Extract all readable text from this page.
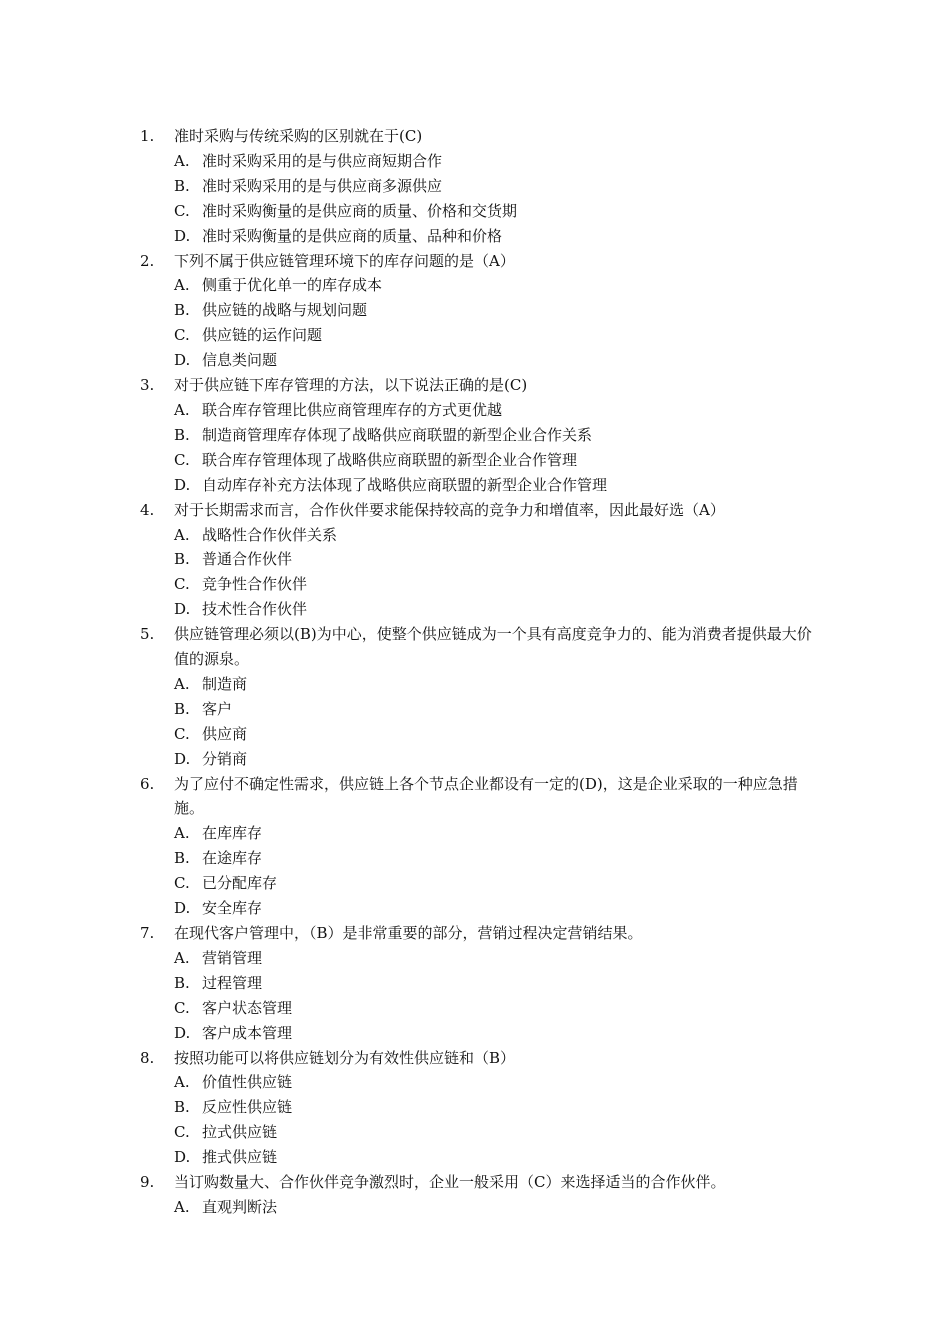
1.	准时采购与传统采购的区别就在于(C)
A. 准时采购采用的是与供应商短期合作
B. 准时采购采用的是与供应商多源供应
C. 准时采购衡量的是供应商的质量、价格和交货期
D. 准时采购衡量的是供应商的质量、品种和价格
2.	下列不属于供应链管理环境下的库存问题的是（A）
A. 侧重于优化单一的库存成本
B. 供应链的战略与规划问题
C. 供应链的运作问题
D. 信息类问题
3.	对于供应链下库存管理的方法，以下说法正确的是(C)
A. 联合库存管理比供应商管理库存的方式更优越
B. 制造商管理库存体现了战略供应商联盟的新型企业合作关系
C. 联合库存管理体现了战略供应商联盟的新型企业合作管理
D. 自动库存补充方法体现了战略供应商联盟的新型企业合作管理
4.	对于长期需求而言，合作伙伴要求能保持较高的竞争力和增值率，因此最好选（A）
A. 战略性合作伙伴关系
B. 普通合作伙伴
C. 竞争性合作伙伴
D. 技术性合作伙伴
5.	供应链管理必须以(B)为中心，使整个供应链成为一个具有高度竞争力的、能为消费者提供最大价值的源泉。
A. 制造商
B. 客户
C. 供应商
D. 分销商
6.	为了应付不确定性需求，供应链上各个节点企业都设有一定的(D)，这是企业采取的一种应急措施。
A. 在库库存
B. 在途库存
C. 已分配库存
D. 安全库存
7.	在现代客户管理中，（B）是非常重要的部分，营销过程决定营销结果。
A. 营销管理
B. 过程管理
C. 客户状态管理
D. 客户成本管理
8.	按照功能可以将供应链划分为有效性供应链和（B）
A. 价值性供应链
B. 反应性供应链
C. 拉式供应链
D. 推式供应链
9.	当订购数量大、合作伙伴竞争激烈时，企业一般采用（C）来选择适当的合作伙伴。
A. 直观判断法
